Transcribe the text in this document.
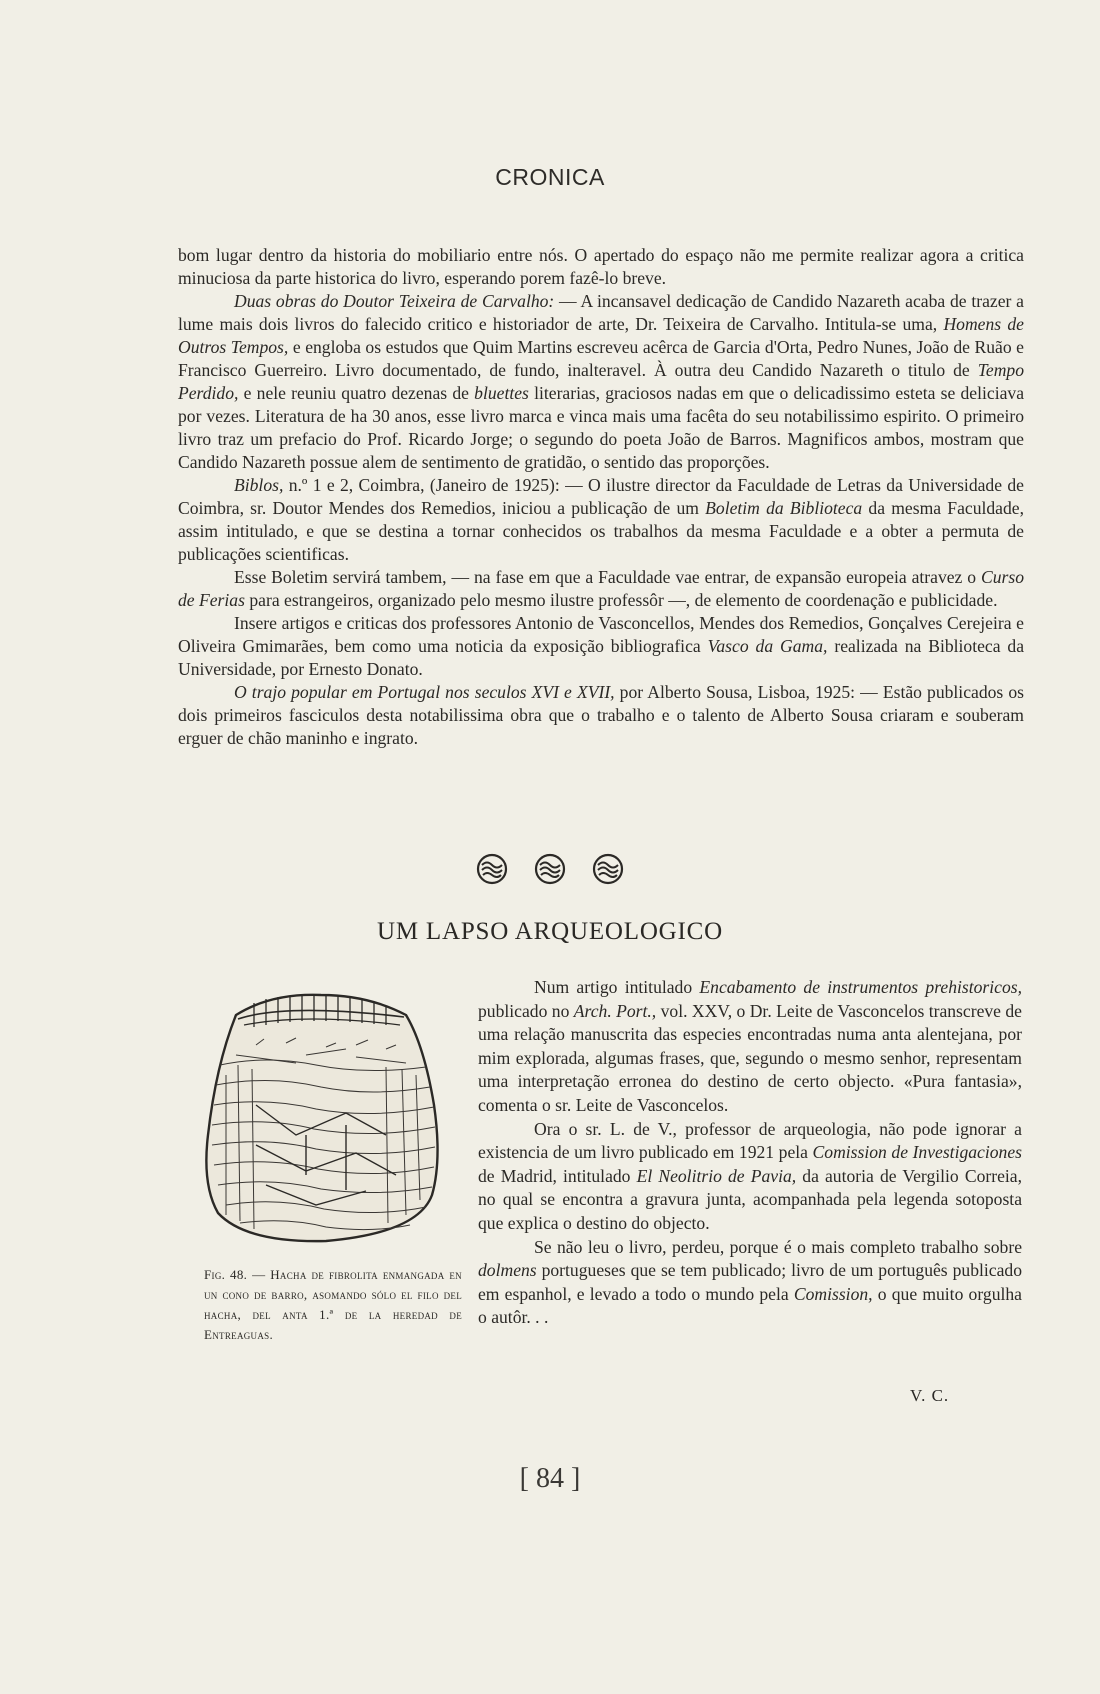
CRONICA

bom lugar dentro da historia do mobiliario entre nós. O apertado do espaço não me permite realizar agora a critica minuciosa da parte historica do livro, esperando porem fazê-lo breve.

Duas obras do Doutor Teixeira de Carvalho: — A incansavel dedicação de Candido Nazareth acaba de trazer a lume mais dois livros do falecido critico e historiador de arte, Dr. Teixeira de Carvalho. Intitula-se uma, Homens de Outros Tempos, e engloba os estudos que Quim Martins escreveu acêrca de Garcia d'Orta, Pedro Nunes, João de Ruão e Francisco Guerreiro. Livro documentado, de fundo, inalteravel. À outra deu Candido Nazareth o titulo de Tempo Perdido, e nele reuniu quatro dezenas de bluettes literarias, graciosos nadas em que o delicadissimo esteta se deliciava por vezes. Literatura de ha 30 anos, esse livro marca e vinca mais uma facêta do seu notabilissimo espirito. O primeiro livro traz um prefacio do Prof. Ricardo Jorge; o segundo do poeta João de Barros. Magnificos ambos, mostram que Candido Nazareth possue alem de sentimento de gratidão, o sentido das proporções.

Biblos, n.º 1 e 2, Coimbra, (Janeiro de 1925): — O ilustre director da Faculdade de Letras da Universidade de Coimbra, sr. Doutor Mendes dos Remedios, iniciou a publicação de um Boletim da Biblioteca da mesma Faculdade, assim intitulado, e que se destina a tornar conhecidos os trabalhos da mesma Faculdade e a obter a permuta de publicações scientificas.

Esse Boletim servirá tambem, — na fase em que a Faculdade vae entrar, de expansão europeia atravez o Curso de Ferias para estrangeiros, organizado pelo mesmo ilustre professôr —, de elemento de coordenação e publicidade.

Insere artigos e criticas dos professores Antonio de Vasconcellos, Mendes dos Remedios, Gonçalves Cerejeira e Oliveira Gmimarães, bem como uma noticia da exposição bibliografica Vasco da Gama, realizada na Biblioteca da Universidade, por Ernesto Donato.

O trajo popular em Portugal nos seculos XVI e XVII, por Alberto Sousa, Lisboa, 1925: — Estão publicados os dois primeiros fasciculos desta notabilissima obra que o trabalho e o talento de Alberto Sousa criaram e souberam erguer de chão maninho e ingrato.

UM LAPSO ARQUEOLOGICO
Fig. 48. — Hacha de fibrolita enmangada en un cono de barro, asomando sólo el filo del hacha, del anta 1.ª de la heredad de Entreaguas.

Num artigo intitulado Encabamento de instrumentos prehistoricos, publicado no Arch. Port., vol. XXV, o Dr. Leite de Vasconcelos transcreve de uma relação manuscrita das especies encontradas numa anta alentejana, por mim explorada, algumas frases, que, segundo o mesmo senhor, representam uma interpretação erronea do destino de certo objecto. «Pura fantasia», comenta o sr. Leite de Vasconcelos.

Ora o sr. L. de V., professor de arqueologia, não pode ignorar a existencia de um livro publicado em 1921 pela Comission de Investigaciones de Madrid, intitulado El Neolitrio de Pavia, da autoria de Vergilio Correia, no qual se encontra a gravura junta, acompanhada pela legenda sotoposta que explica o destino do objecto.

Se não leu o livro, perdeu, porque é o mais completo trabalho sobre dolmens portugueses que se tem publicado; livro de um português publicado em espanhol, e levado a todo o mundo pela Comission, o que muito orgulha o autôr. . .

V. C.
[ 84 ]
